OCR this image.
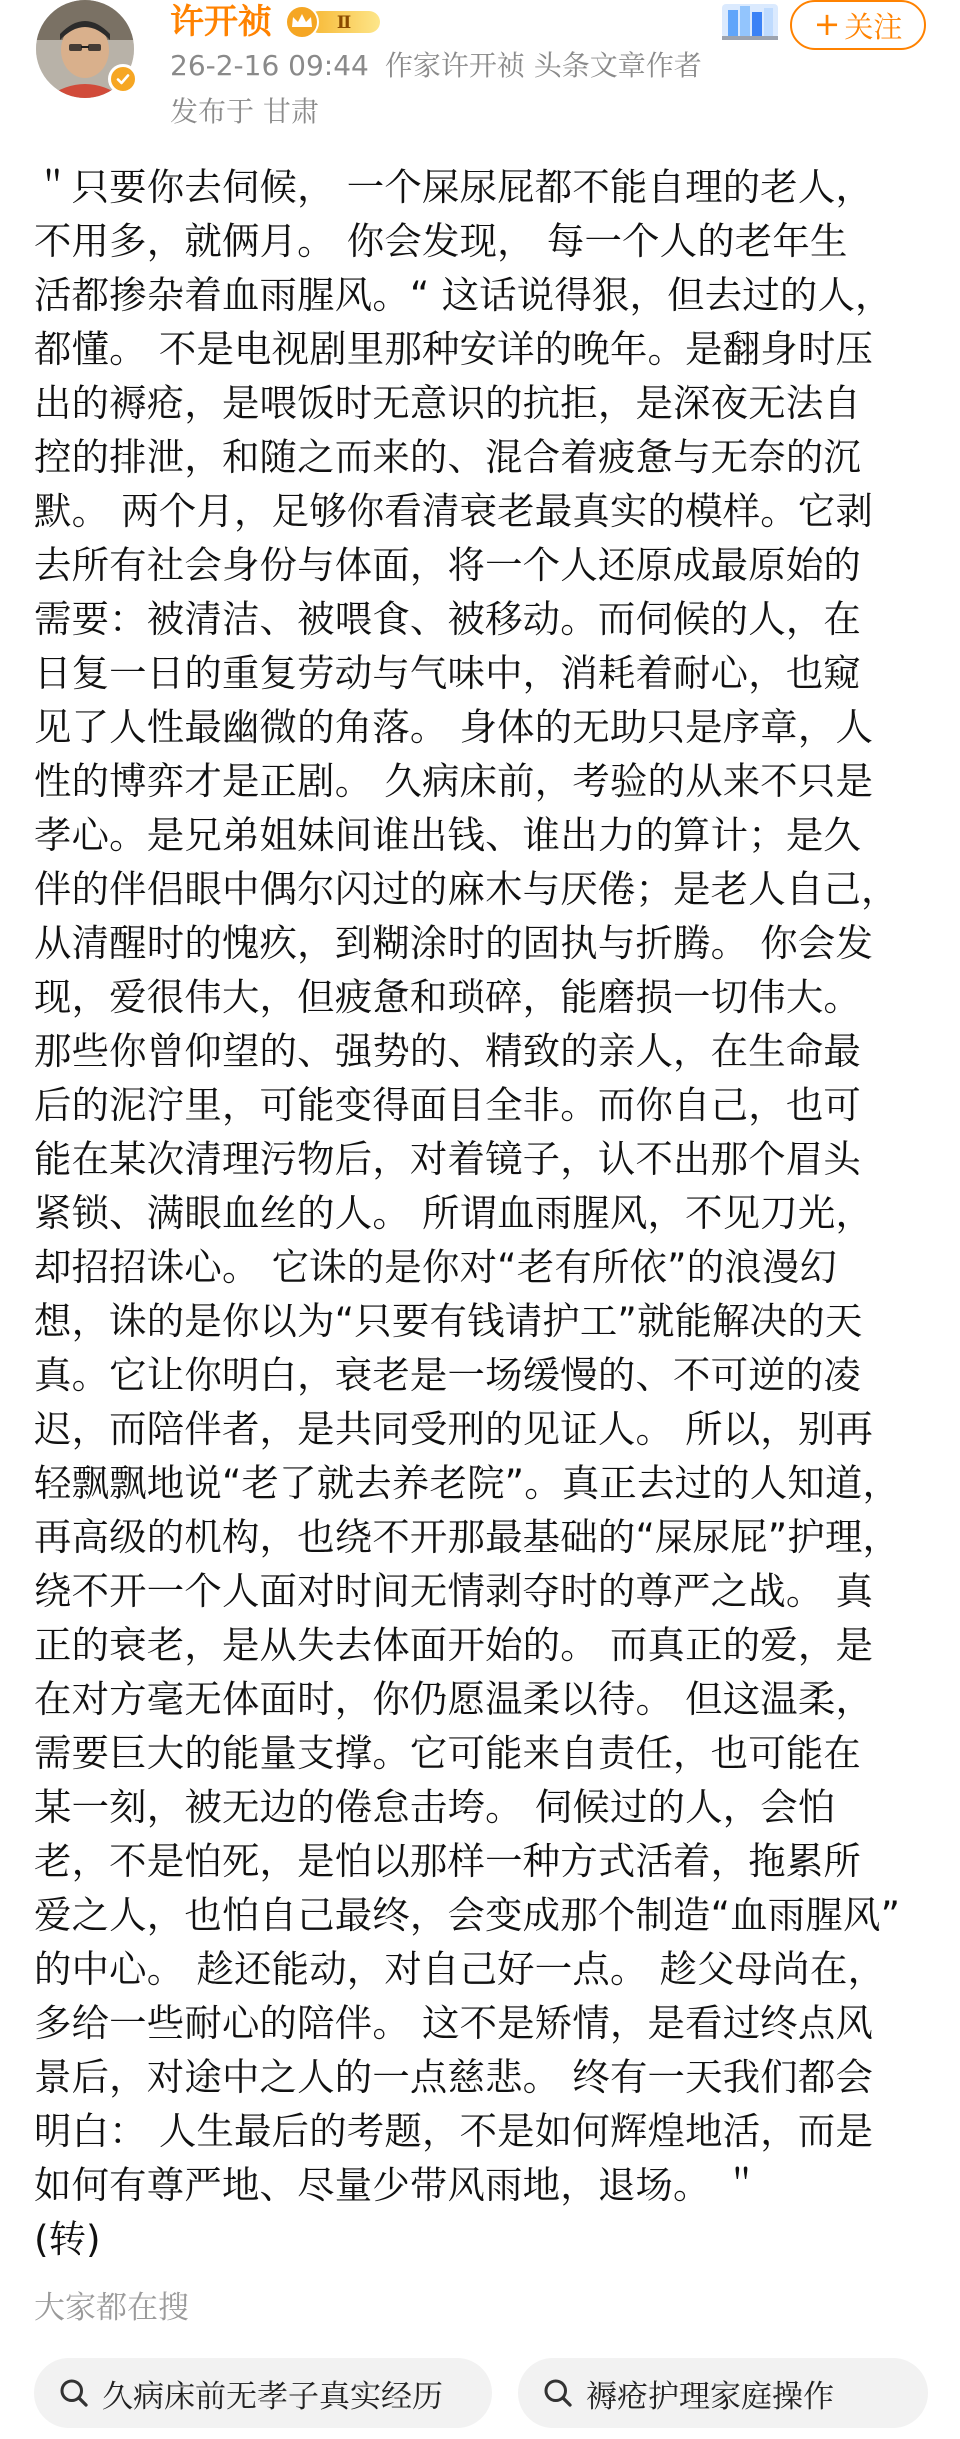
许开祯	Ⅱ
26-2-16 09:44 作家许开祯 头条文章作者
发布于 甘肃
+ 关注
＂只要你去伺候， 一个屎尿屁都不能自理的老人，
不用多，就俩月。 你会发现， 每一个人的老年生
活都掺杂着血雨腥风。“ 这话说得狠，但去过的人，
都懂。 不是电视剧里那种安详的晚年。是翻身时压
出的褥疮，是喂饭时无意识的抗拒，是深夜无法自
控的排泄，和随之而来的、混合着疲惫与无奈的沉
默。 两个月，足够你看清衰老最真实的模样。它剥
去所有社会身份与体面，将一个人还原成最原始的
需要：被清洁、被喂食、被移动。而伺候的人，在
日复一日的重复劳动与气味中，消耗着耐心，也窥
见了人性最幽微的角落。 身体的无助只是序章，人
性的博弈才是正剧。 久病床前，考验的从来不只是
孝心。是兄弟姐妹间谁出钱、谁出力的算计；是久
伴的伴侣眼中偶尔闪过的麻木与厌倦；是老人自己，
从清醒时的愧疚，到糊涂时的固执与折腾。 你会发
现，爱很伟大，但疲惫和琐碎，能磨损一切伟大。
那些你曾仰望的、强势的、精致的亲人，在生命最
后的泥泞里，可能变得面目全非。而你自己，也可
能在某次清理污物后，对着镜子，认不出那个眉头
紧锁、满眼血丝的人。 所谓血雨腥风，不见刀光，
却招招诛心。 它诛的是你对“老有所依”的浪漫幻
想，诛的是你以为“只要有钱请护工”就能解决的天
真。它让你明白，衰老是一场缓慢的、不可逆的凌
迟，而陪伴者，是共同受刑的见证人。 所以，别再
轻飘飘地说“老了就去养老院”。真正去过的人知道，
再高级的机构，也绕不开那最基础的“屎尿屁”护理，
绕不开一个人面对时间无情剥夺时的尊严之战。 真
正的衰老，是从失去体面开始的。 而真正的爱，是
在对方毫无体面时，你仍愿温柔以待。 但这温柔，
需要巨大的能量支撑。它可能来自责任，也可能在
某一刻，被无边的倦怠击垮。 伺候过的人，会怕
老，不是怕死，是怕以那样一种方式活着，拖累所
爱之人，也怕自己最终，会变成那个制造“血雨腥风”
的中心。 趁还能动，对自己好一点。 趁父母尚在，
多给一些耐心的陪伴。 这不是矫情，是看过终点风
景后，对途中之人的一点慈悲。 终有一天我们都会
明白： 人生最后的考题，不是如何辉煌地活，而是
如何有尊严地、尽量少带风雨地，退场。 ＂
(转)
大家都在搜
久病床前无孝子真实经历	褥疮护理家庭操作
